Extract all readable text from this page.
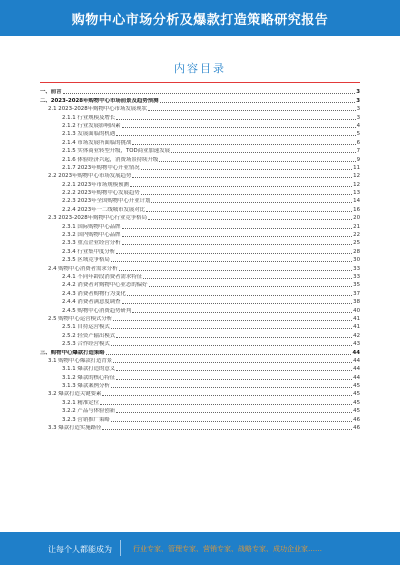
购物中心市场分析及爆款打造策略研究报告
内容目录
一、前言	3
二、2023-2028年购物中心市场前景及趋势预测	3
2.1 2023-2028年购物中心市场发展现状	3
2.1.1 行业规模及增长	3
2.1.2 行业发展影响因素	4
2.1.3 发展面临的机遇	5
2.1.4 市场发展所面临的挑战	6
2.1.5 实体商业转型升级，TOD商业加速发展	7
2.1.6 体验经济兴起，消费场景持续升级	9
2.1.7 2023年购物中心开业情况	11
2.2 2023年购物中心市场发展趋势	12
2.2.1 2023年市场规模预测	12
2.2.2 2023年购物中心发展趋势	13
2.2.3 2023年全国购物中心开业计划	14
2.2.4 2023年一二线城市发展对比	16
2.3 2023-2028年购物中心行业竞争格局	20
2.3.1 国际购物中心品牌	21
2.3.2 国内购物中心品牌	22
2.3.3 重点企业经营分析	25
2.3.4 行业集中度分析	28
2.3.5 区域竞争格局	30
2.4 购物中心消费者需求分析	33
2.4.1 不同年龄段消费者需求特征	33
2.4.2 消费者对购物中心业态的偏好	35
2.4.3 消费者购物行为变化	37
2.4.4 消费者满意度调查	38
2.4.5 购物中心消费趋势研判	40
2.5 购物中心运营模式分析	41
2.5.1 自持运营模式	41
2.5.2 轻资产输出模式	42
2.5.3 合作经营模式	43
三、购物中心爆款打造策略	44
3.1 购物中心爆款打造背景	44
3.1.1 爆款打造的意义	44
3.1.2 爆款的核心特征	44
3.1.3 爆款案例分析	45
3.2 爆款打造关键要素	45
3.2.1 精准定位	45
3.2.2 产品与体验创新	45
3.2.3 营销推广策略	46
3.3 爆款打造实施路径	46
让每个人都能成为	行业专家、管理专家、营销专家、战略专家、成功企业家……
